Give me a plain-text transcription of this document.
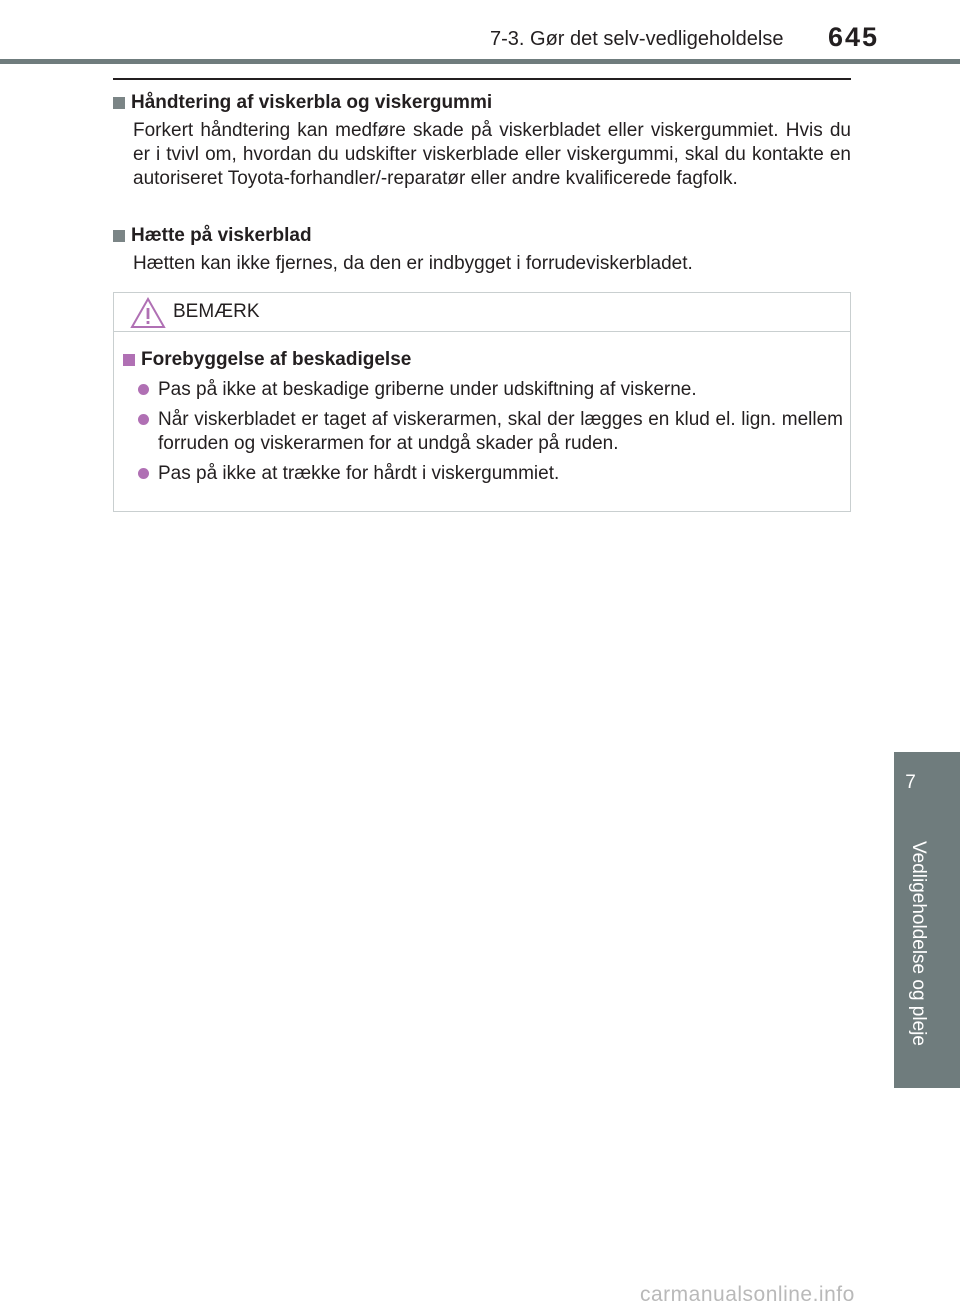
7-3. Gør det selv-vedligeholdelse 645
7
Vedligeholdelse og pleje
Håndtering af viskerbla og viskergummi
Forkert håndtering kan medføre skade på viskerbladet eller viskergummiet. Hvis du er i tvivl om, hvordan du udskifter viskerblade eller viskergummi, skal du kontakte en autoriseret Toyota-forhandler/-reparatør eller andre kvalificerede fagfolk.
Hætte på viskerblad
Hætten kan ikke fjernes, da den er indbygget i forrudeviskerbladet.
BEMÆRK
Forebyggelse af beskadigelse
Pas på ikke at beskadige griberne under udskiftning af viskerne.
Når viskerbladet er taget af viskerarmen, skal der lægges en klud el. lign. mellem forruden og viskerarmen for at undgå skader på ruden.
Pas på ikke at trække for hårdt i viskergummiet.
carmanualsonline.info
